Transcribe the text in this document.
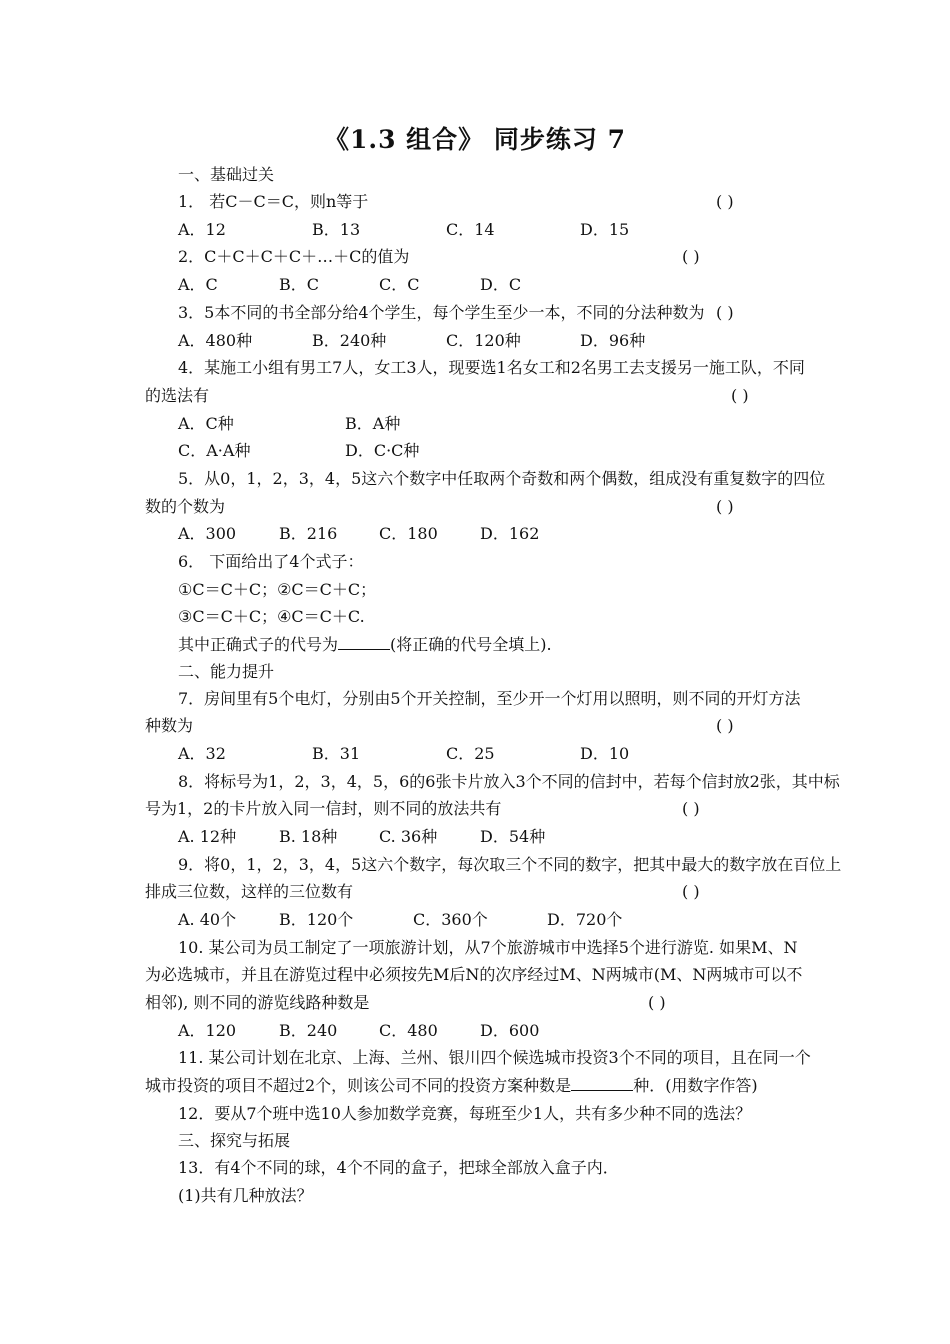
《1.3 组合》 同步练习 7
一、基础过关
1． 若C－C＝C，则n等于	( )
A．12	B．13	C．14	D．15
2．C＋C＋C＋C＋…＋C的值为	( )
A．C	B．C	C．C	D．C
3．5本不同的书全部分给4个学生，每个学生至少一本，不同的分法种数为 ( )
A．480种	B．240种	C．120种	D．96种
4．某施工小组有男工7人，女工3人，现要选1名女工和2名男工去支援另一施工队，不同
的选法有	( )
A．C种	B．A种
C．A·A种	D．C·C种
5．从0，1，2，3，4，5这六个数字中任取两个奇数和两个偶数，组成没有重复数字的四位
数的个数为	( )
A．300	B．216	C．180	D．162
6． 下面给出了4个式子：
①C＝C＋C；②C＝C＋C；
③C＝C＋C；④C＝C＋C.
其中正确式子的代号为	(将正确的代号全填上).
二、能力提升
7．房间里有5个电灯，分别由5个开关控制，至少开一个灯用以照明，则不同的开灯方法
种数为	( )
A．32	B．31	C．25	D．10
8．将标号为1，2，3，4，5，6的6张卡片放入3个不同的信封中，若每个信封放2张，其中标
号为1，2的卡片放入同一信封，则不同的放法共有	( )
A. 12种	B. 18种	C. 36种	D．54种
9．将0，1，2，3，4，5这六个数字，每次取三个不同的数字，把其中最大的数字放在百位上
排成三位数，这样的三位数有	( )
A. 40个	B．120个	C．360个	D．720个
10. 某公司为员工制定了一项旅游计划，从7个旅游城市中选择5个进行游览. 如果M、N
为必选城市，并且在游览过程中必须按先M后N的次序经过M、N两城市(M、N两城市可以不
相邻), 则不同的游览线路种数是	( )
A．120	B．240	C．480	D．600
11. 某公司计划在北京、上海、兰州、银川四个候选城市投资3个不同的项目，且在同一个
城市投资的项目不超过2个，则该公司不同的投资方案种数是	种．(用数字作答)
12．要从7个班中选10人参加数学竞赛，每班至少1人，共有多少种不同的选法？
三、探究与拓展
13．有4个不同的球，4个不同的盒子，把球全部放入盒子内．
(1)共有几种放法？
